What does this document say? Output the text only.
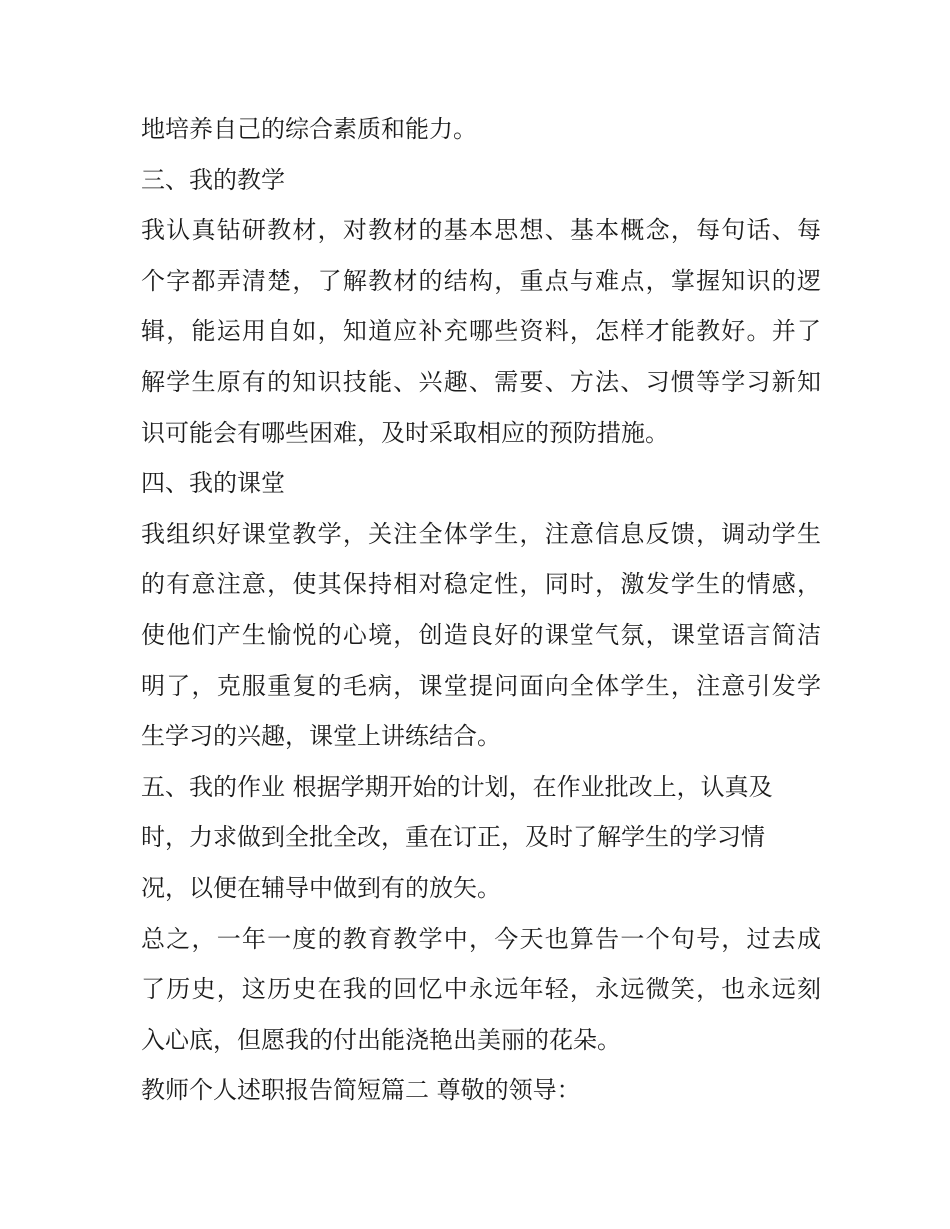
地培养自己的综合素质和能力。
三、我的教学
我认真钻研教材，对教材的基本思想、基本概念，每句话、每
个字都弄清楚，了解教材的结构，重点与难点，掌握知识的逻
辑，能运用自如，知道应补充哪些资料，怎样才能教好。并了
解学生原有的知识技能、兴趣、需要、方法、习惯等学习新知
识可能会有哪些困难，及时采取相应的预防措施。
四、我的课堂
我组织好课堂教学，关注全体学生，注意信息反馈，调动学生
的有意注意，使其保持相对稳定性，同时，激发学生的情感，
使他们产生愉悦的心境，创造良好的课堂气氛，课堂语言简洁
明了，克服重复的毛病，课堂提问面向全体学生，注意引发学
生学习的兴趣，课堂上讲练结合。
五、我的作业 根据学期开始的计划，在作业批改上，认真及
时，力求做到全批全改，重在订正，及时了解学生的学习情
况，以便在辅导中做到有的放矢。
总之，一年一度的教育教学中，今天也算告一个句号，过去成
了历史，这历史在我的回忆中永远年轻，永远微笑，也永远刻
入心底，但愿我的付出能浇艳出美丽的花朵。
教师个人述职报告简短篇二 尊敬的领导：
